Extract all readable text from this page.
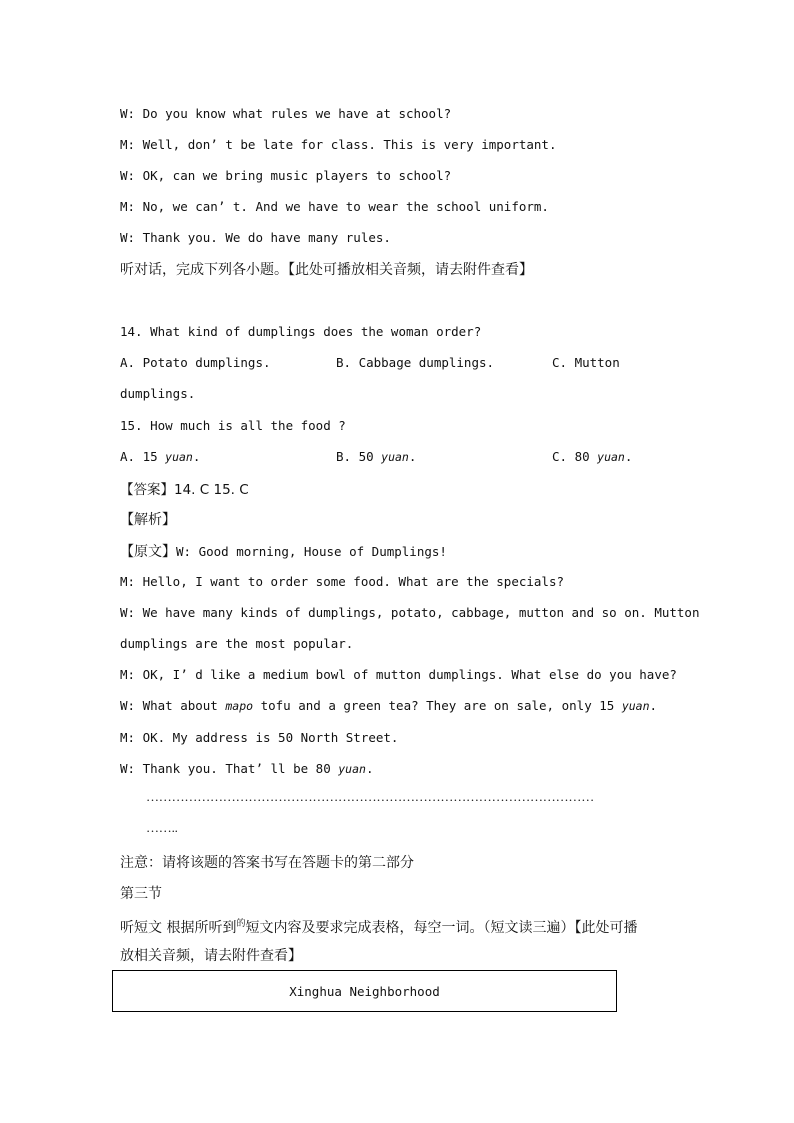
W: Do you know what rules we have at school?
M: Well, don’ t be late for class. This is very important.
W: OK, can we bring music players to school?
M: No, we can’ t. And we have to wear the school uniform.
W: Thank you. We do have many rules.
听对话，完成下列各小题。【此处可播放相关音频，请去附件查看】
14. What kind of dumplings does the woman order?
A. Potato dumplings.	B. Cabbage dumplings.	C. Mutton
dumplings.
15. How much is all the food ?
A. 15 yuan.	B. 50 yuan.	C. 80 yuan.
【答案】14. C 15. C
【解析】
【原文】W: Good morning, House of Dumplings!
M: Hello, I want to order some food. What are the specials?
W: We have many kinds of dumplings, potato, cabbage, mutton and so on. Mutton
dumplings are the most popular.
M: OK, I’ d like a medium bowl of mutton dumplings. What else do you have?
W: What about mapo tofu and a green tea? They are on sale, only 15 yuan.
M: OK. My address is 50 North Street.
W: Thank you. That’ ll be 80 yuan.
……………………………………………………………………………………………
……..
注意：请将该题的答案书写在答题卡的第二部分
第三节
听短文 根据所听到$^的$短文内容及要求完成表格，每空一词。（短文读三遍）【此处可播
放相关音频，请去附件查看】
Xinghua Neighborhood
